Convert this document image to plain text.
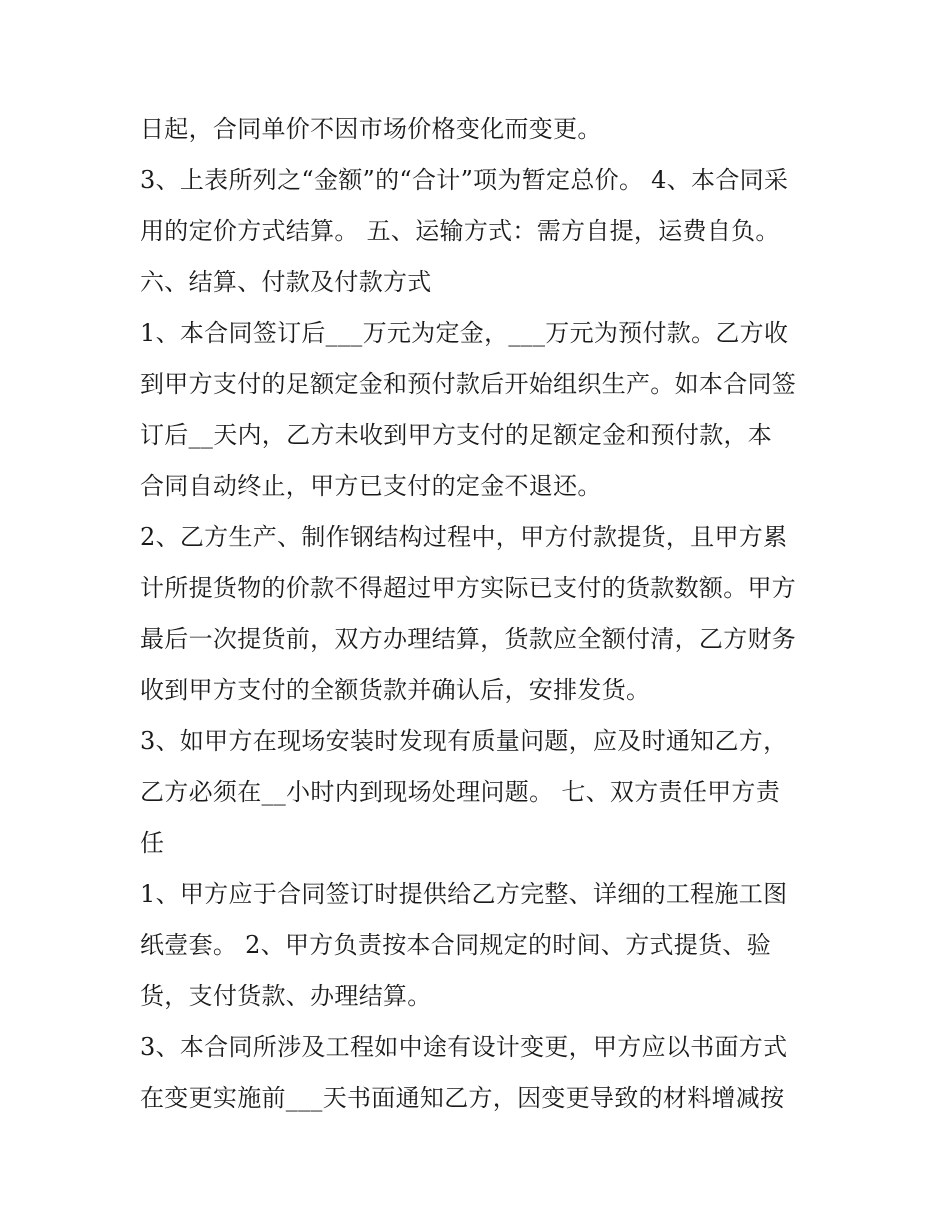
日起，合同单价不因市场价格变化而变更。
3、上表所列之“金额”的“合计”项为暂定总价。 4、本合同采
用的定价方式结算。 五、运输方式：需方自提，运费自负。
六、结算、付款及付款方式
1、本合同签订后___万元为定金，___万元为预付款。乙方收
到甲方支付的足额定金和预付款后开始组织生产。如本合同签
订后__天内，乙方未收到甲方支付的足额定金和预付款，本
合同自动终止，甲方已支付的定金不退还。
2、乙方生产、制作钢结构过程中，甲方付款提货，且甲方累
计所提货物的价款不得超过甲方实际已支付的货款数额。甲方
最后一次提货前，双方办理结算，货款应全额付清，乙方财务
收到甲方支付的全额货款并确认后，安排发货。
3、如甲方在现场安装时发现有质量问题，应及时通知乙方，
乙方必须在__小时内到现场处理问题。 七、双方责任甲方责
任
1、甲方应于合同签订时提供给乙方完整、详细的工程施工图
纸壹套。 2、甲方负责按本合同规定的时间、方式提货、验
货，支付货款、办理结算。
3、本合同所涉及工程如中途有设计变更，甲方应以书面方式
在变更实施前___天书面通知乙方，因变更导致的材料增减按
